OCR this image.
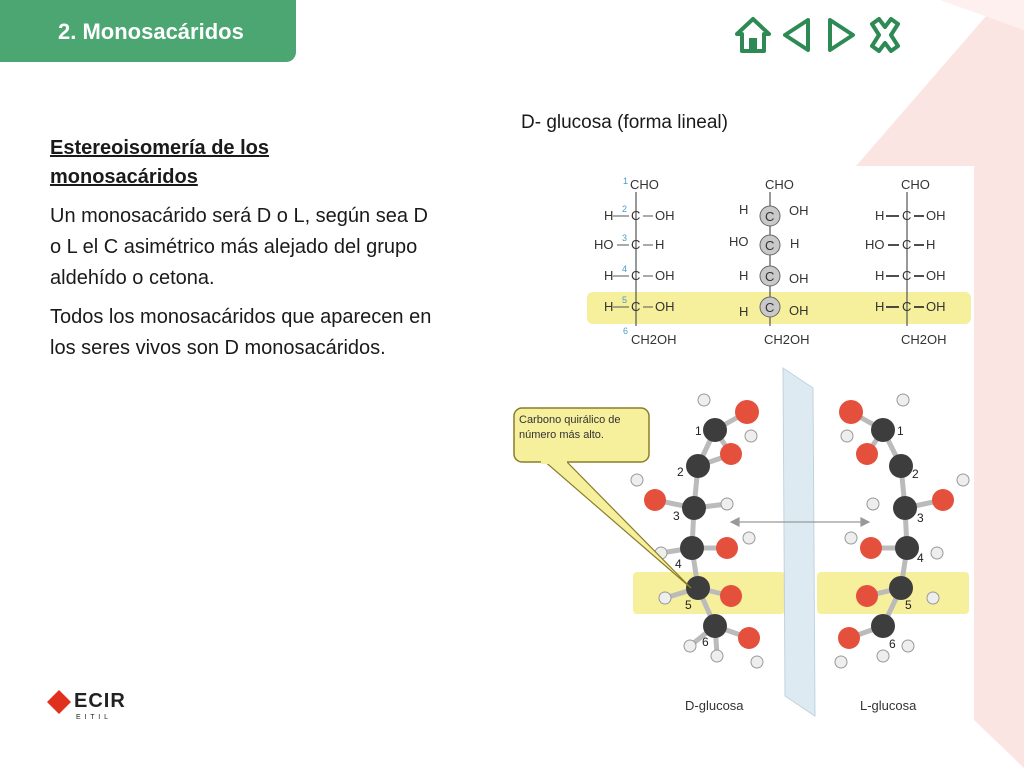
2. Monosacáridos
Estereoisomería de los monosacáridos
Un monosacárido será D o L, según sea D o L el C asimétrico más alejado del grupo aldehído o cetona.
Todos los monosacáridos que aparecen en los seres vivos son D monosacáridos.
D- glucosa (forma lineal)
1 CHO
H 2 C OH
HO 3 C H
H 4 C OH
H 5 C OH
6
CH2OH
CHO
H C OH
HO C H
H C OH
H C OH
CH2OH
CHO
H C OH
HO C H
H C OH
H C OH
CH2OH
1
2
3
4
5
6
1
2
3
4
5
6
Carbono quirálico de número más alto.
D-glucosa	L-glucosa
ECIR
E  I  T  I  L
